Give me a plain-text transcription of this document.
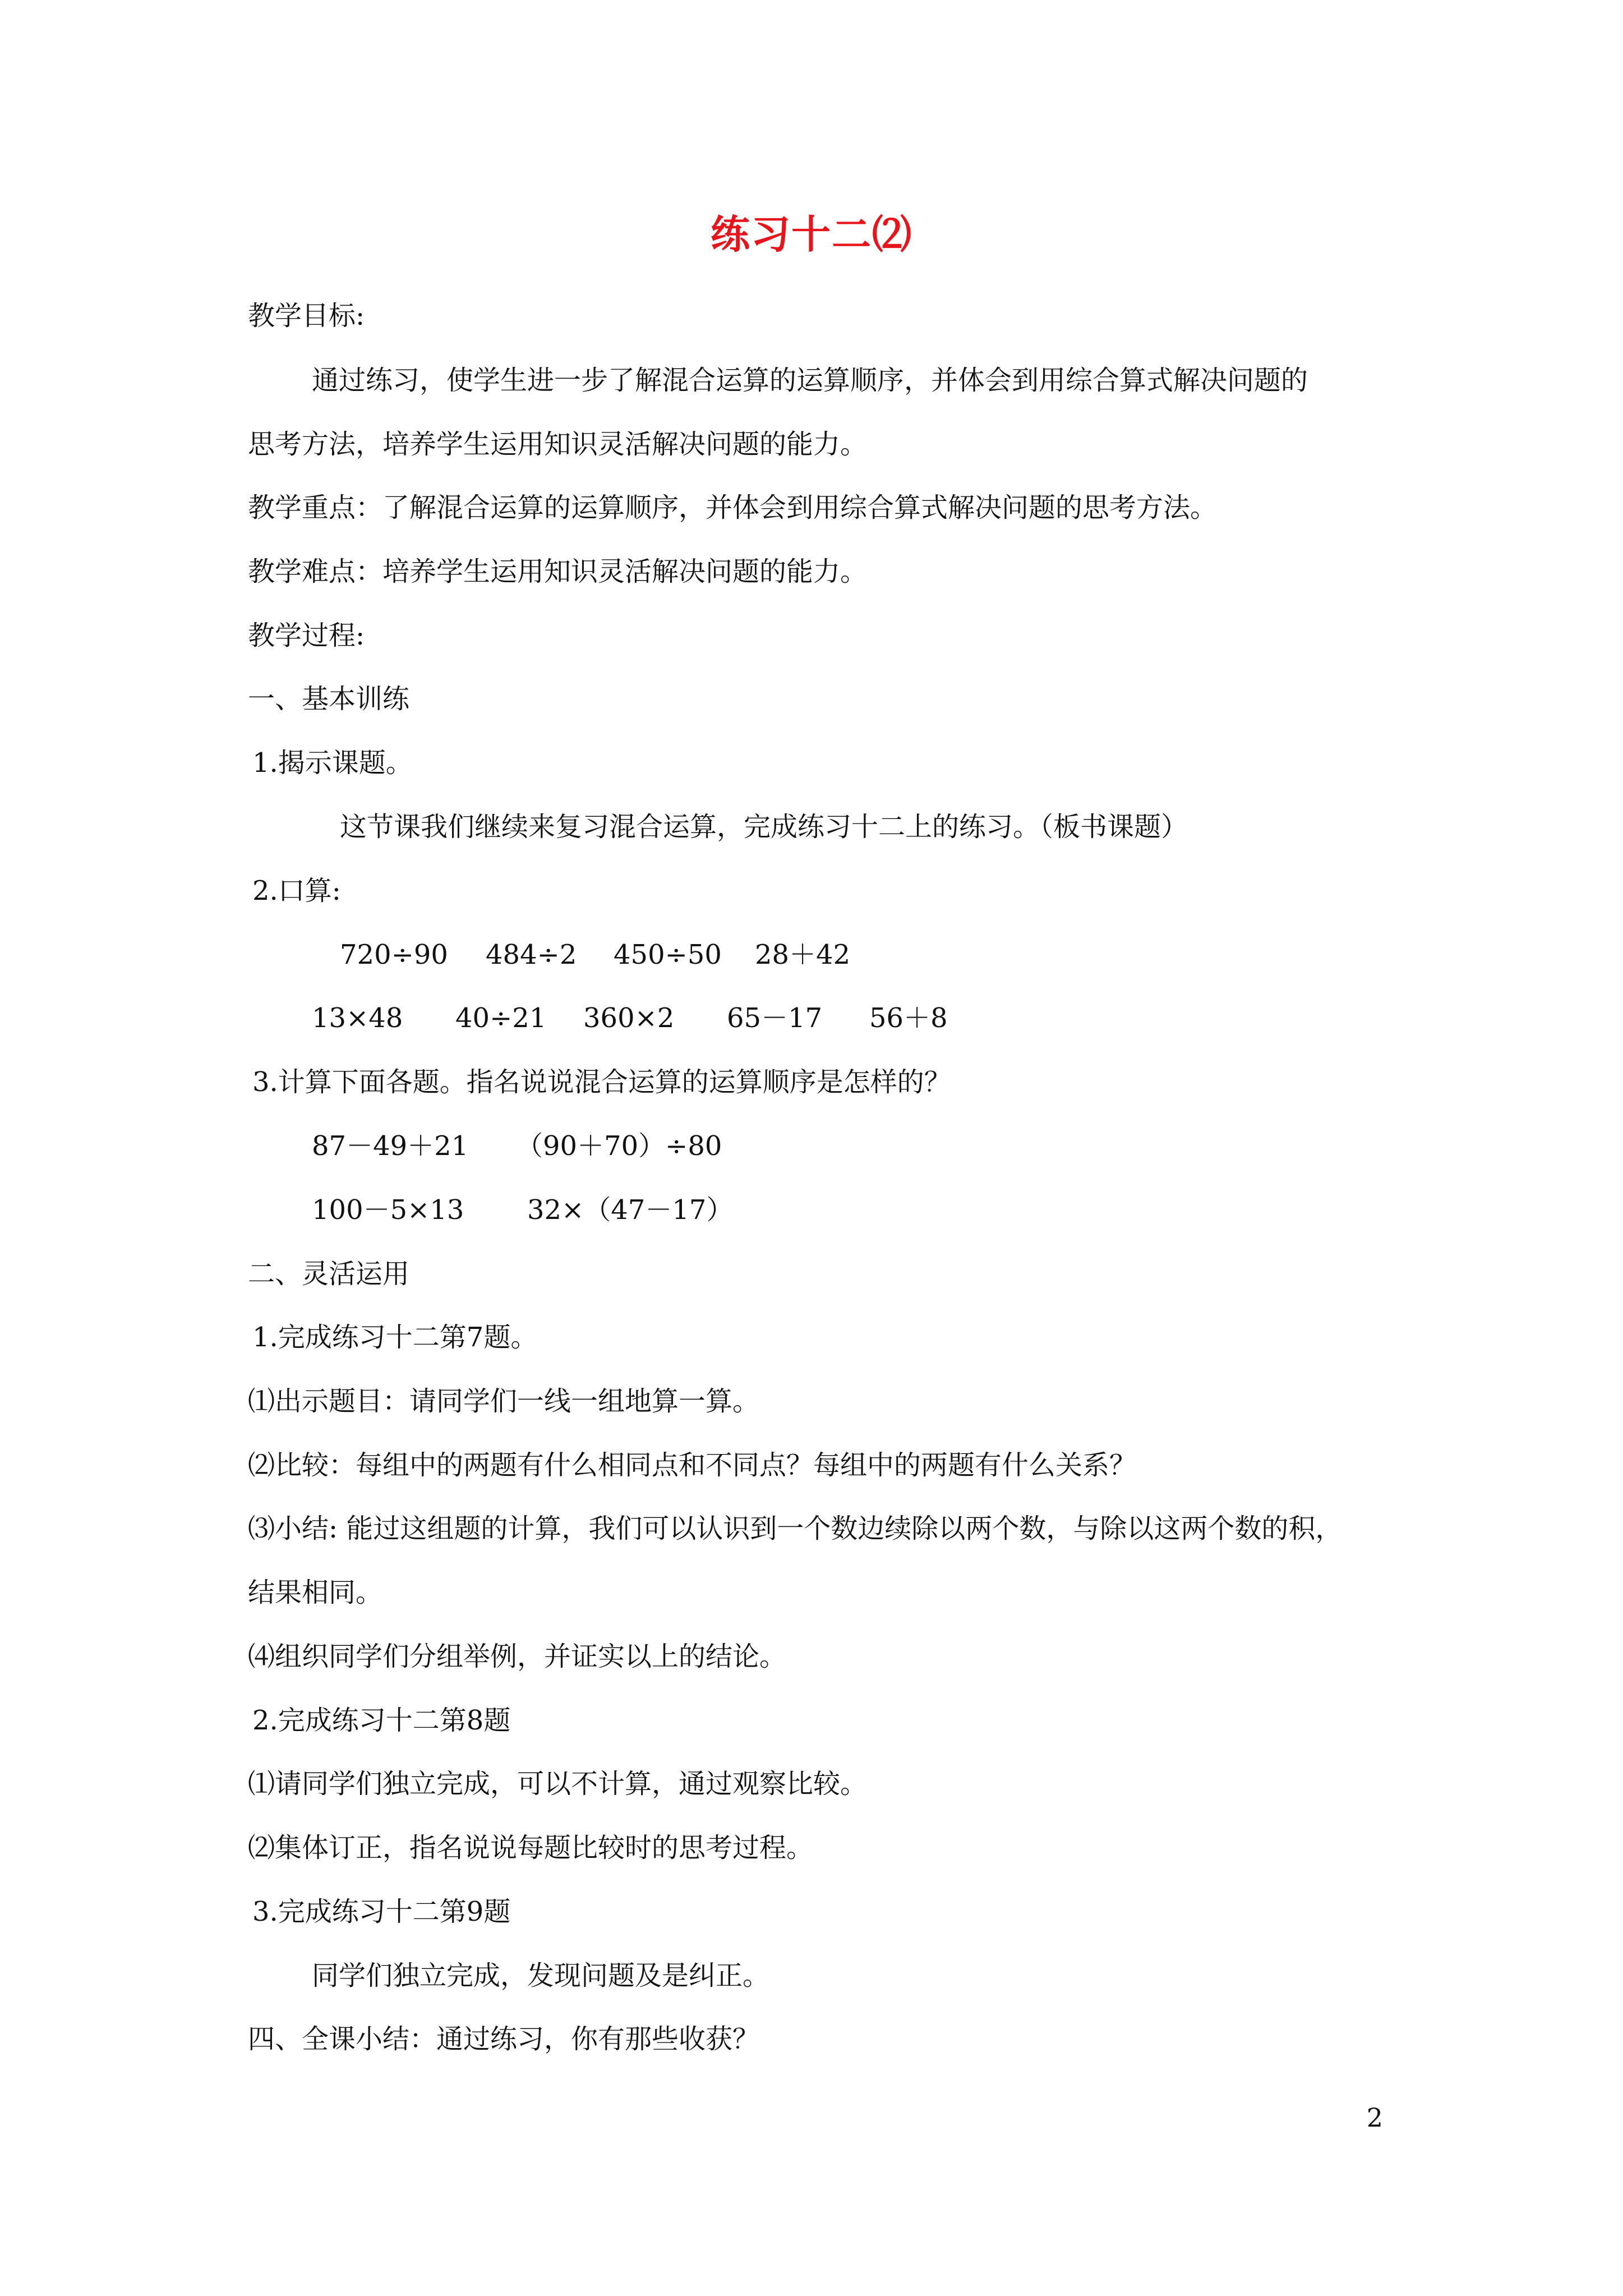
练习十二⑵
教学目标:
通过练习，使学生进一步了解混合运算的运算顺序，并体会到用综合算式解决问题的
思考方法，培养学生运用知识灵活解决问题的能力。
教学重点：了解混合运算的运算顺序，并体会到用综合算式解决问题的思考方法。
教学难点：培养学生运用知识灵活解决问题的能力。
教学过程:
一、基本训练
1.揭示课题。
这节课我们继续来复习混合运算，完成练习十二上的练习。（板书课题）
2.口算:
720÷90 484÷2 450÷50 28＋42
13×48 40÷21 360×2 65－17 56＋8
3.计算下面各题。指名说说混合运算的运算顺序是怎样的？
87－49＋21 （90＋70）÷80
100－5×13 32×（47－17）
二、灵活运用
1.完成练习十二第7题。
⑴出示题目：请同学们一线一组地算一算。
⑵比较：每组中的两题有什么相同点和不同点？每组中的两题有什么关系？
⑶小结: 能过这组题的计算，我们可以认识到一个数边续除以两个数，与除以这两个数的积，
结果相同。
⑷组织同学们分组举例，并证实以上的结论。
2.完成练习十二第8题
⑴请同学们独立完成，可以不计算，通过观察比较。
⑵集体订正，指名说说每题比较时的思考过程。
3.完成练习十二第9题
同学们独立完成，发现问题及是纠正。
四、全课小结：通过练习，你有那些收获？
2
